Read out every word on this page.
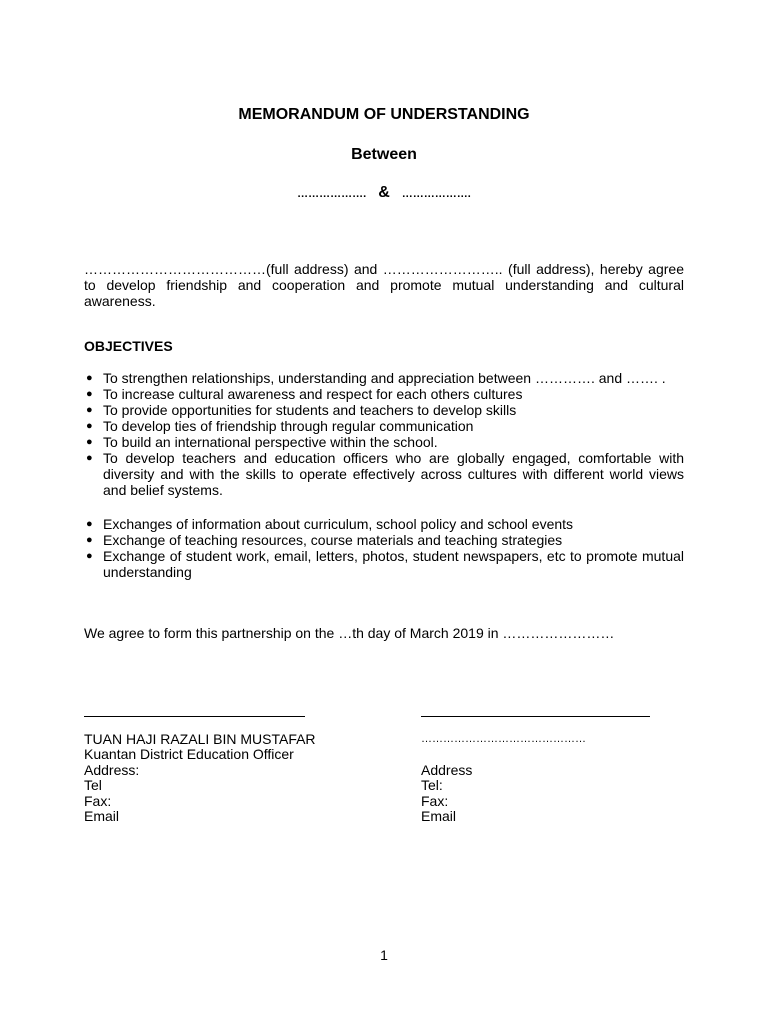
MEMORANDUM OF UNDERSTANDING
Between
………………. & ……………….
…………………………………(full address) and …………………….. (full address), hereby agree to develop friendship and cooperation and promote mutual understanding and cultural awareness.
OBJECTIVES
● To strengthen relationships, understanding and appreciation between …………. and ……. .
● To increase cultural awareness and respect for each others cultures
● To provide opportunities for students and teachers to develop skills
● To develop ties of friendship through regular communication
● To build an international perspective within the school.
● To develop teachers and education officers who are globally engaged, comfortable with diversity and with the skills to operate effectively across cultures with different world views and belief systems.
● Exchanges of information about curriculum, school policy and school events
● Exchange of teaching resources, course materials and teaching strategies
● Exchange of student work, email, letters, photos, student newspapers, etc to promote mutual understanding
We agree to form this partnership on the …th day of March 2019 in ……………………
TUAN HAJI RAZALI BIN MUSTAFAR
Kuantan District Education Officer
Address:
Tel
Fax:
Email
………………………………………
Address
Tel:
Fax:
Email
1
